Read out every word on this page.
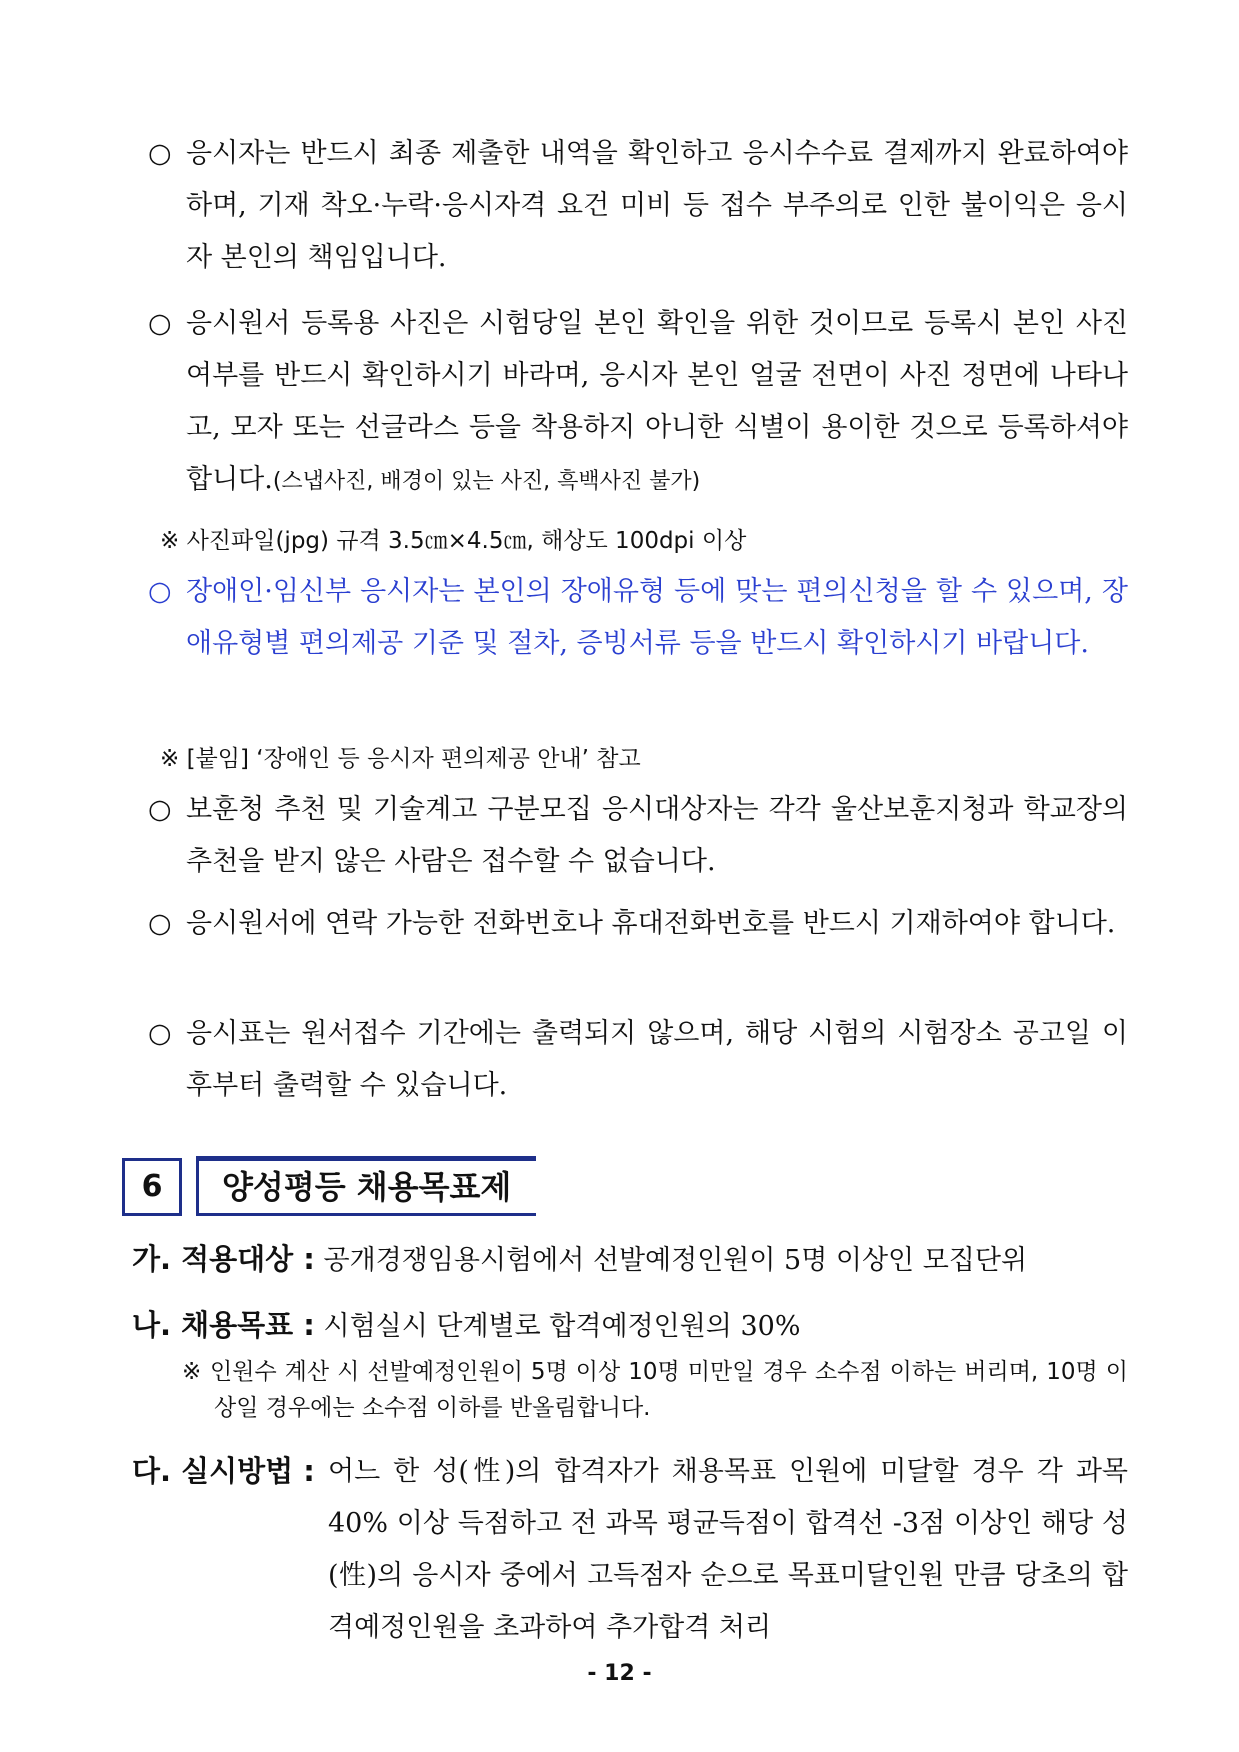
○ 응시자는 반드시 최종 제출한 내역을 확인하고 응시수수료 결제까지 완료하여야 하며, 기재 착오·누락·응시자격 요건 미비 등 접수 부주의로 인한 불이익은 응시자 본인의 책임입니다.
○ 응시원서 등록용 사진은 시험당일 본인 확인을 위한 것이므로 등록시 본인 사진 여부를 반드시 확인하시기 바라며, 응시자 본인 얼굴 전면이 사진 정면에 나타나고, 모자 또는 선글라스 등을 착용하지 아니한 식별이 용이한 것으로 등록하셔야 합니다.(스냅사진, 배경이 있는 사진, 흑백사진 불가)
※ 사진파일(jpg) 규격 3.5㎝×4.5㎝, 해상도 100dpi 이상
○ 장애인·임신부 응시자는 본인의 장애유형 등에 맞는 편의신청을 할 수 있으며, 장애유형별 편의제공 기준 및 절차, 증빙서류 등을 반드시 확인하시기 바랍니다.
※ [붙임] ‘장애인 등 응시자 편의제공 안내’ 참고
○ 보훈청 추천 및 기술계고 구분모집 응시대상자는 각각 울산보훈지청과 학교장의 추천을 받지 않은 사람은 접수할 수 없습니다.
○ 응시원서에 연락 가능한 전화번호나 휴대전화번호를 반드시 기재하여야 합니다.
○ 응시표는 원서접수 기간에는 출력되지 않으며, 해당 시험의 시험장소 공고일 이후부터 출력할 수 있습니다.
6	양성평등 채용목표제
가. 적용대상 : 공개경쟁임용시험에서 선발예정인원이 5명 이상인 모집단위
나. 채용목표 : 시험실시 단계별로 합격예정인원의 30%
※ 인원수 계산 시 선발예정인원이 5명 이상 10명 미만일 경우 소수점 이하는 버리며, 10명 이상일 경우에는 소수점 이하를 반올림합니다.
다. 실시방법 : 어느 한 성(性)의 합격자가 채용목표 인원에 미달할 경우 각 과목 40% 이상 득점하고 전 과목 평균득점이 합격선 -3점 이상인 해당 성(性)의 응시자 중에서 고득점자 순으로 목표미달인원 만큼 당초의 합격예정인원을 초과하여 추가합격 처리
- 12 -
